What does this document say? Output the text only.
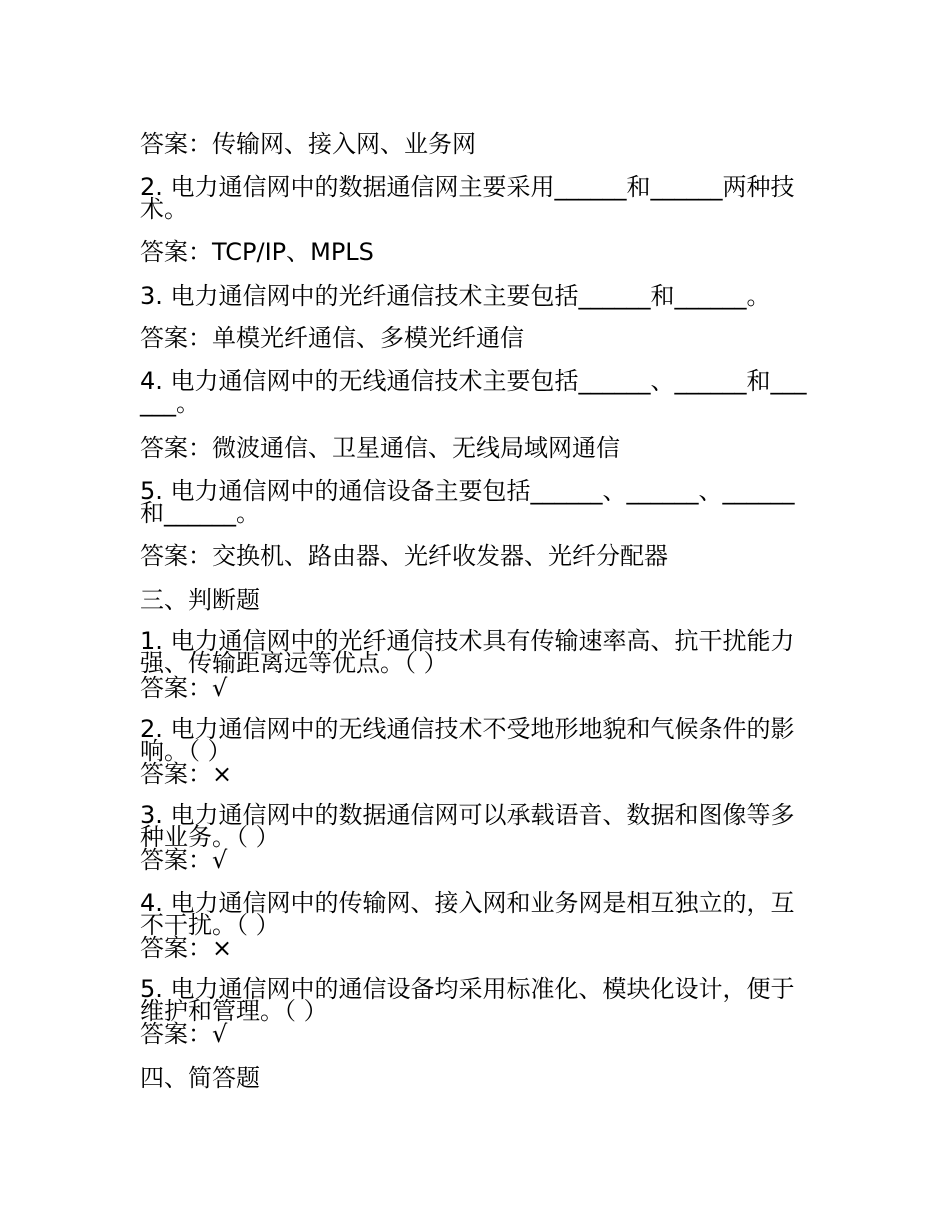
答案：传输网、接入网、业务网
2. 电力通信网中的数据通信网主要采用______和______两种技术。
答案：TCP/IP、MPLS
3. 电力通信网中的光纤通信技术主要包括______和______。
答案：单模光纤通信、多模光纤通信
4. 电力通信网中的无线通信技术主要包括______、______和______。
答案：微波通信、卫星通信、无线局域网通信
5. 电力通信网中的通信设备主要包括______、______、______和______。
答案：交换机、路由器、光纤收发器、光纤分配器
三、判断题
1. 电力通信网中的光纤通信技术具有传输速率高、抗干扰能力强、传输距离远等优点。（ ）
答案：√
2. 电力通信网中的无线通信技术不受地形地貌和气候条件的影响。（ ）
答案：×
3. 电力通信网中的数据通信网可以承载语音、数据和图像等多种业务。（ ）
答案：√
4. 电力通信网中的传输网、接入网和业务网是相互独立的，互不干扰。（ ）
答案：×
5. 电力通信网中的通信设备均采用标准化、模块化设计，便于维护和管理。（ ）
答案：√
四、简答题
